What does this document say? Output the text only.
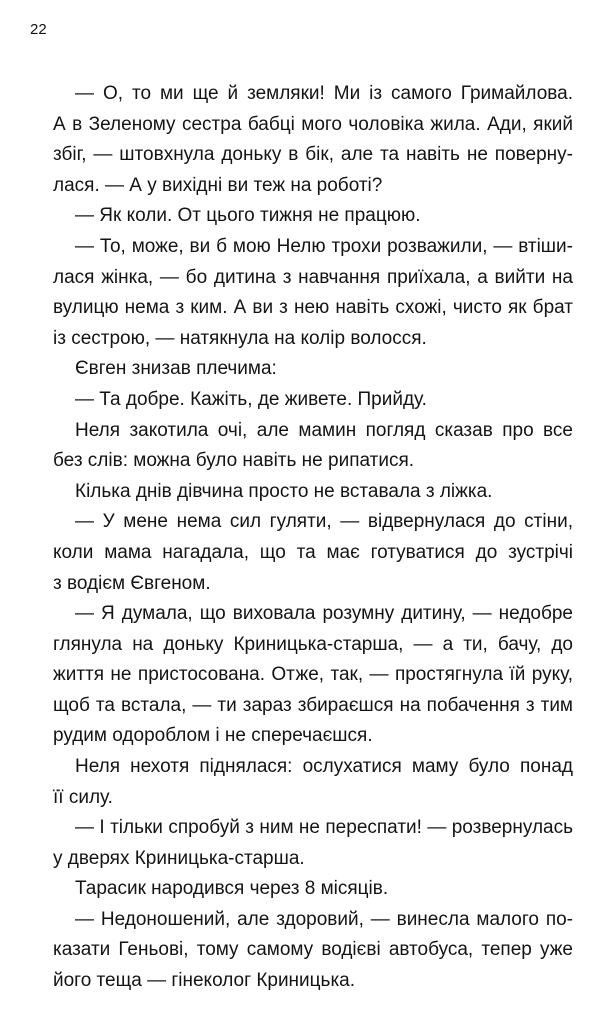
22
— О, то ми ще й земляки! Ми із самого Гримайлова.
А в Зеленому сестра бабці мого чоловіка жила. Ади, який
збіг, — штовхнула доньку в бік, але та навіть не поверну-
лася. — А у вихідні ви теж на роботі?
— Як коли. От цього тижня не працюю.
— То, може, ви б мою Нелю трохи розважили, — втіши-
лася жінка, — бо дитина з навчання приїхала, а вийти на
вулицю нема з ким. А ви з нею навіть схожі, чисто як брат
із сестрою, — натякнула на колір волосся.
Євген знизав плечима:
— Та добре. Кажіть, де живете. Прийду.
Неля закотила очі, але мамин погляд сказав про все
без слів: можна було навіть не рипатися.
Кілька днів дівчина просто не вставала з ліжка.
— У мене нема сил гуляти, — відвернулася до стіни,
коли мама нагадала, що та має готуватися до зустрічі
з водієм Євгеном.
— Я думала, що виховала розумну дитину, — недобре
глянула на доньку Криницька-старша, — а ти, бачу, до
життя не пристосована. Отже, так, — простягнула їй руку,
щоб та встала, — ти зараз збираєшся на побачення з тим
рудим одороблом і не сперечаєшся.
Неля нехотя піднялася: ослухатися маму було понад
її силу.
— І тільки спробуй з ним не переспати! — розвернулась
у дверях Криницька-старша.
Тарасик народився через 8 місяців.
— Недоношений, але здоровий, — винесла малого по-
казати Геньові, тому самому водієві автобуса, тепер уже
його теща — гінеколог Криницька.
